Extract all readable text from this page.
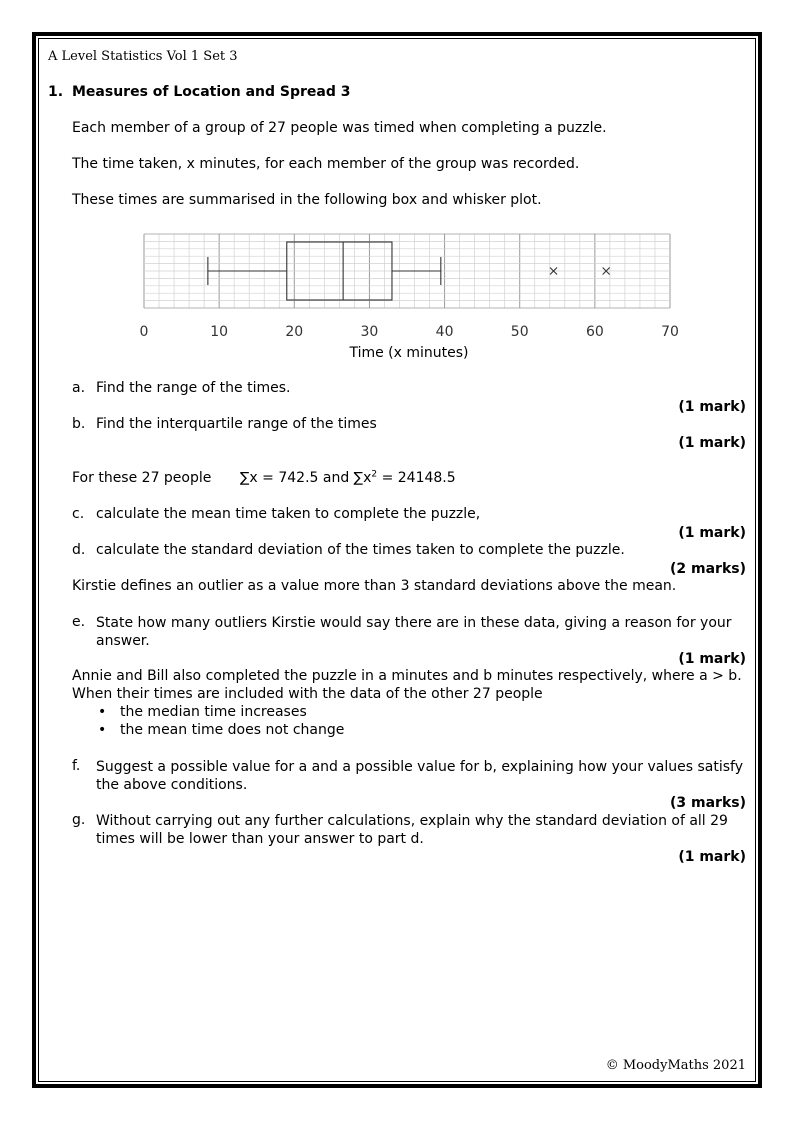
A Level Statistics Vol 1 Set 3
1. Measures of Location and Spread 3
Each member of a group of 27 people was timed when completing a puzzle.
The time taken, x minutes, for each member of the group was recorded.
These times are summarised in the following box and whisker plot.
0	10	20	30	40	50	60	70
Time (x minutes)
a. Find the range of the times.
(1 mark)
b. Find the interquartile range of the times
(1 mark)
For these 27 people ∑x = 742.5 and $\sum x^2 = 24148.5$
c. calculate the mean time taken to complete the puzzle,
(1 mark)
d. calculate the standard deviation of the times taken to complete the puzzle.
(2 marks)
Kirstie defines an outlier as a value more than 3 standard deviations above the mean.
e. State how many outliers Kirstie would say there are in these data, giving a reason for your answer.
(1 mark)
Annie and Bill also completed the puzzle in a minutes and b minutes respectively, where a > b.
When their times are included with the data of the other 27 people
• the median time increases
• the mean time does not change
f. Suggest a possible value for a and a possible value for b, explaining how your values satisfy the above conditions.
(3 marks)
g. Without carrying out any further calculations, explain why the standard deviation of all 29 times will be lower than your answer to part d.
(1 mark)
© MoodyMaths 2021
